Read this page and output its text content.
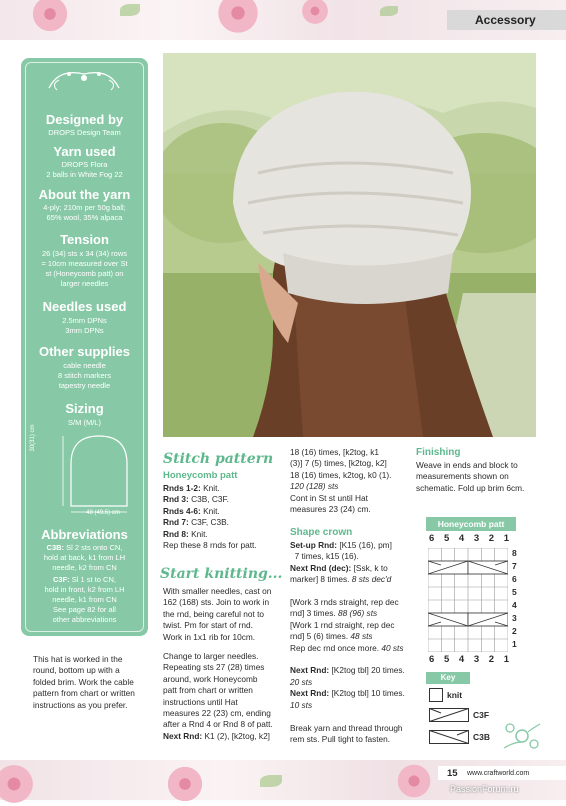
Accessory
15 www.craftworld.com
PassionForum.ru
Designed by
DROPS Design Team
Yarn used
DROPS Flora
2 balls in White Fog 22
About the yarn
4-ply; 210m per 50g ball;
65% wool, 35% alpaca
Tension
26 (34) sts x 34 (34) rows
= 10cm measured over St
st (Honeycomb patt) on
larger needles
Needles used
2.5mm DPNs
3mm DPNs
Other supplies
cable needle
8 stitch markers
tapestry needle
Sizing
S/M (M/L)
30(31) cm
48 (49.5) cm
Abbreviations
C3B: Sl 2 sts onto CN,
hold at back, k1 from LH
needle, k2 from CN
C3F: Sl 1 st to CN,
hold in front, k2 from LH
needle, k1 from CN
See page 82 for all
other abbreviations
This hat is worked in the
round, bottom up with a
folded brim. Work the cable
pattern from chart or written
instructions as you prefer.
Stitch pattern
Honeycomb patt
Rnds 1-2: Knit.
Rnd 3: C3B, C3F.
Rnds 4-6: Knit.
Rnd 7: C3F, C3B.
Rnd 8: Knit.
Rep these 8 rnds for patt.
Start knitting...
With smaller needles, cast on
162 (168) sts. Join to work in
the rnd, being careful not to
twist. Pm for start of rnd.
Work in 1x1 rib for 10cm.
Change to larger needles.
Repeating sts 27 (28) times
around, work Honeycomb
patt from chart or written
instructions until Hat
measures 22 (23) cm, ending
after a Rnd 4 or Rnd 8 of patt.
Next Rnd: K1 (2), [k2tog, k2]
18 (16) times, [k2tog, k1
(3)] 7 (5) times, [k2tog, k2]
18 (16) times, k2tog, k0 (1).
120 (128) sts
Cont in St st until Hat
measures 23 (24) cm.
Shape crown
Set-up Rnd: [K15 (16), pm]
7 times, k15 (16).
Next Rnd (dec): [Ssk, k to
marker] 8 times. 8 sts dec'd

[Work 3 rnds straight, rep dec
rnd] 3 times. 88 (96) sts
[Work 1 rnd straight, rep dec
rnd] 5 (6) times. 48 sts
Rep dec rnd once more. 40 sts

Next Rnd: [K2tog tbl] 20 times.
20 sts
Next Rnd: [K2tog tbl] 10 times.
10 sts

Break yarn and thread through
rem sts. Pull tight to fasten.
Finishing
Weave in ends and block to
measurements shown on
schematic. Fold up brim 6cm.
Honeycomb patt
6 5 4 3 2 1
8
7
6
5
4
3
2
1
6 5 4 3 2 1
Key
knit
C3F
C3B
